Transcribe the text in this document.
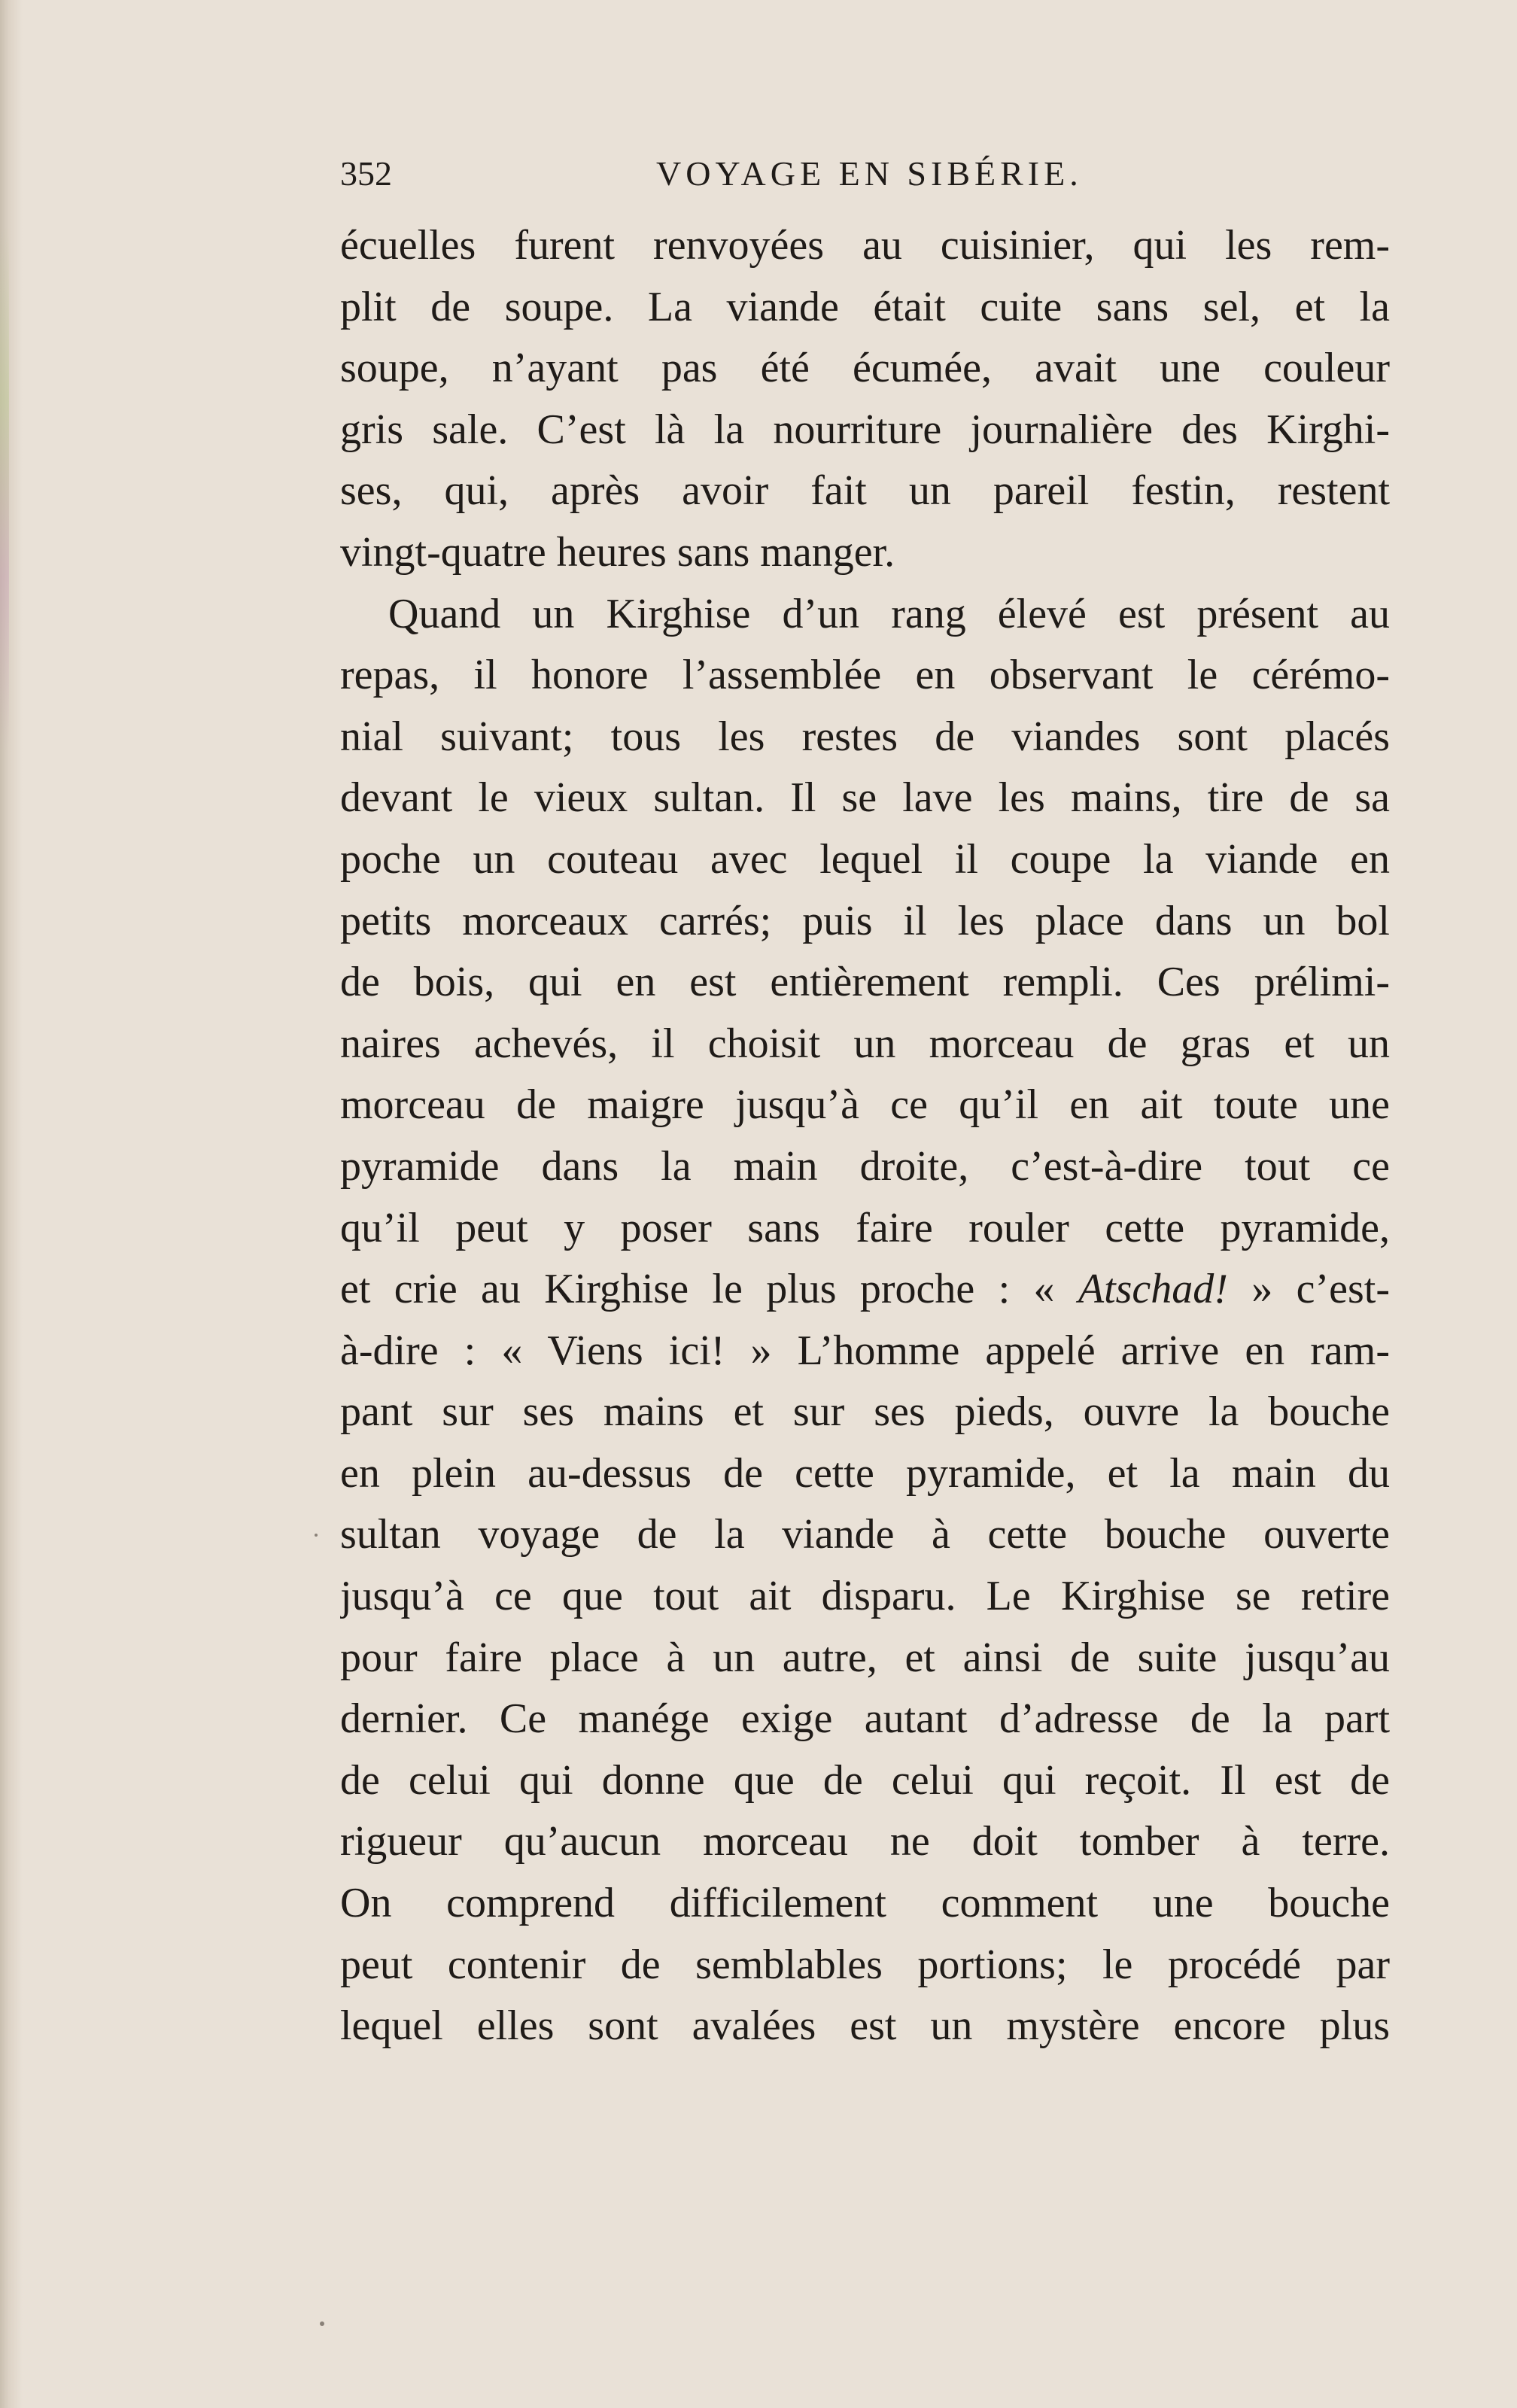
352	VOYAGE EN SIBÉRIE.
écuelles furent renvoyées au cuisinier, qui les rem-
plit de soupe. La viande était cuite sans sel, et la
soupe, n’ayant pas été écumée, avait une couleur
gris sale. C’est là la nourriture journalière des Kirghi-
ses, qui, après avoir fait un pareil festin, restent
vingt-quatre heures sans manger.
Quand un Kirghise d’un rang élevé est présent au
repas, il honore l’assemblée en observant le cérémo-
nial suivant; tous les restes de viandes sont placés
devant le vieux sultan. Il se lave les mains, tire de sa
poche un couteau avec lequel il coupe la viande en
petits morceaux carrés; puis il les place dans un bol
de bois, qui en est entièrement rempli. Ces prélimi-
naires achevés, il choisit un morceau de gras et un
morceau de maigre jusqu’à ce qu’il en ait toute une
pyramide dans la main droite, c’est-à-dire tout ce
qu’il peut y poser sans faire rouler cette pyramide,
et crie au Kirghise le plus proche : « Atschad! » c’est-
à-dire : « Viens ici! » L’homme appelé arrive en ram-
pant sur ses mains et sur ses pieds, ouvre la bouche
en plein au-dessus de cette pyramide, et la main du
sultan voyage de la viande à cette bouche ouverte
jusqu’à ce que tout ait disparu. Le Kirghise se retire
pour faire place à un autre, et ainsi de suite jusqu’au
dernier. Ce manége exige autant d’adresse de la part
de celui qui donne que de celui qui reçoit. Il est de
rigueur qu’aucun morceau ne doit tomber à terre.
On comprend difficilement comment une bouche
peut contenir de semblables portions; le procédé par
lequel elles sont avalées est un mystère encore plus
